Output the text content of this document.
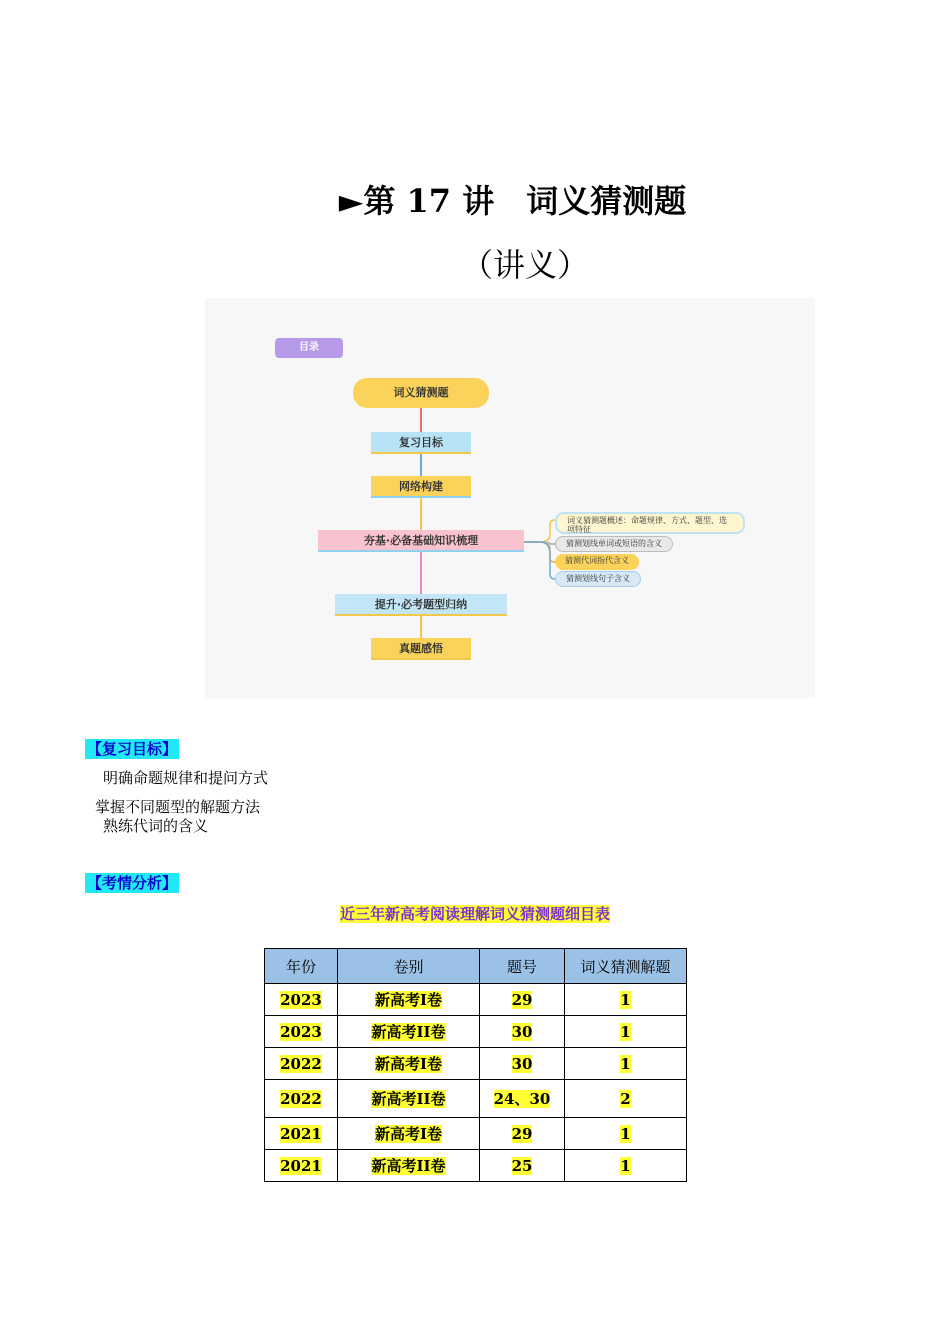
►第 17 讲　词义猜测题
（讲义）
目录
词义猜测题
复习目标
网络构建
夯基·必备基础知识梳理
提升·必考题型归纳
真题感悟
词义猜测题概述：命题规律、方式、题型、选项特征
猜测划线单词或短语的含义
猜测代词指代含义
猜测划线句子含义
【复习目标】
明确命题规律和提问方式
掌握不同题型的解题方法
熟练代词的含义
【考情分析】
近三年新高考阅读理解词义猜测题细目表
年份	卷别	题号	词义猜测解题
2023	新高考I卷	29	1
2023	新高考II卷	30	1
2022	新高考I卷	30	1
2022	新高考II卷	24、30	2
2021	新高考I卷	29	1
2021	新高考II卷	25	1
